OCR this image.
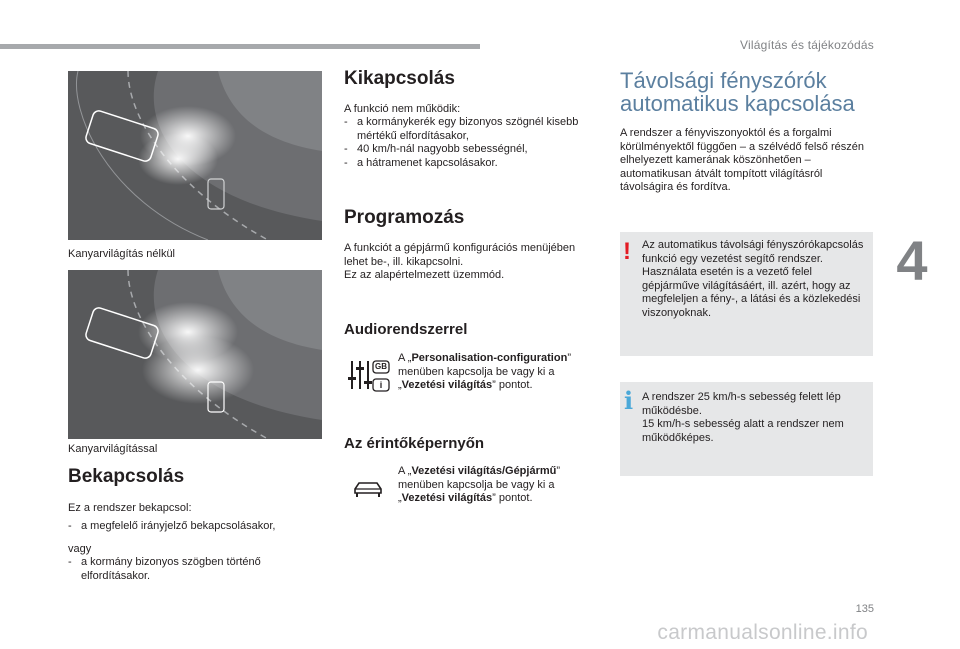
Világítás és tájékozódás
4
Kanyarvilágítás nélkül
Kanyarvilágítással
Bekapcsolás
Ez a rendszer bekapcsol:
- a megfelelő irányjelző bekapcsolásakor,
vagy
- a kormány bizonyos szögben történő elfordításakor.
Kikapcsolás
A funkció nem működik:
- a kormánykerék egy bizonyos szögnél kisebb mértékű elfordításakor,
- 40 km/h-nál nagyobb sebességnél,
- a hátramenet kapcsolásakor.
Programozás
A funkciót a gépjármű konfigurációs menüjében lehet be-, ill. kikapcsolni.
Ez az alapértelmezett üzemmód.
Audiorendszerrel
GB
i
A „Personalisation-configuration” menüben kapcsolja be vagy ki a „Vezetési világítás” pontot.
Az érintőképernyőn
A „Vezetési világítás/Gépjármű” menüben kapcsolja be vagy ki a „Vezetési világítás” pontot.
Távolsági fényszórók automatikus kapcsolása
A rendszer a fényviszonyoktól és a forgalmi körülményektől függően – a szélvédő felső részén elhelyezett kamerának köszönhetően – automatikusan átvált tompított világításról távolságira és fordítva.
! Az automatikus távolsági fényszórókapcsolás funkció egy vezetést segítő rendszer.
Használata esetén is a vezető felel gépjárműve világításáért, ill. azért, hogy az megfeleljen a fény-, a látási és a közlekedési viszonyoknak.
i A rendszer 25 km/h-s sebesség felett lép működésbe.
15 km/h-s sebesség alatt a rendszer nem működőképes.
135
carmanualsonline.info
